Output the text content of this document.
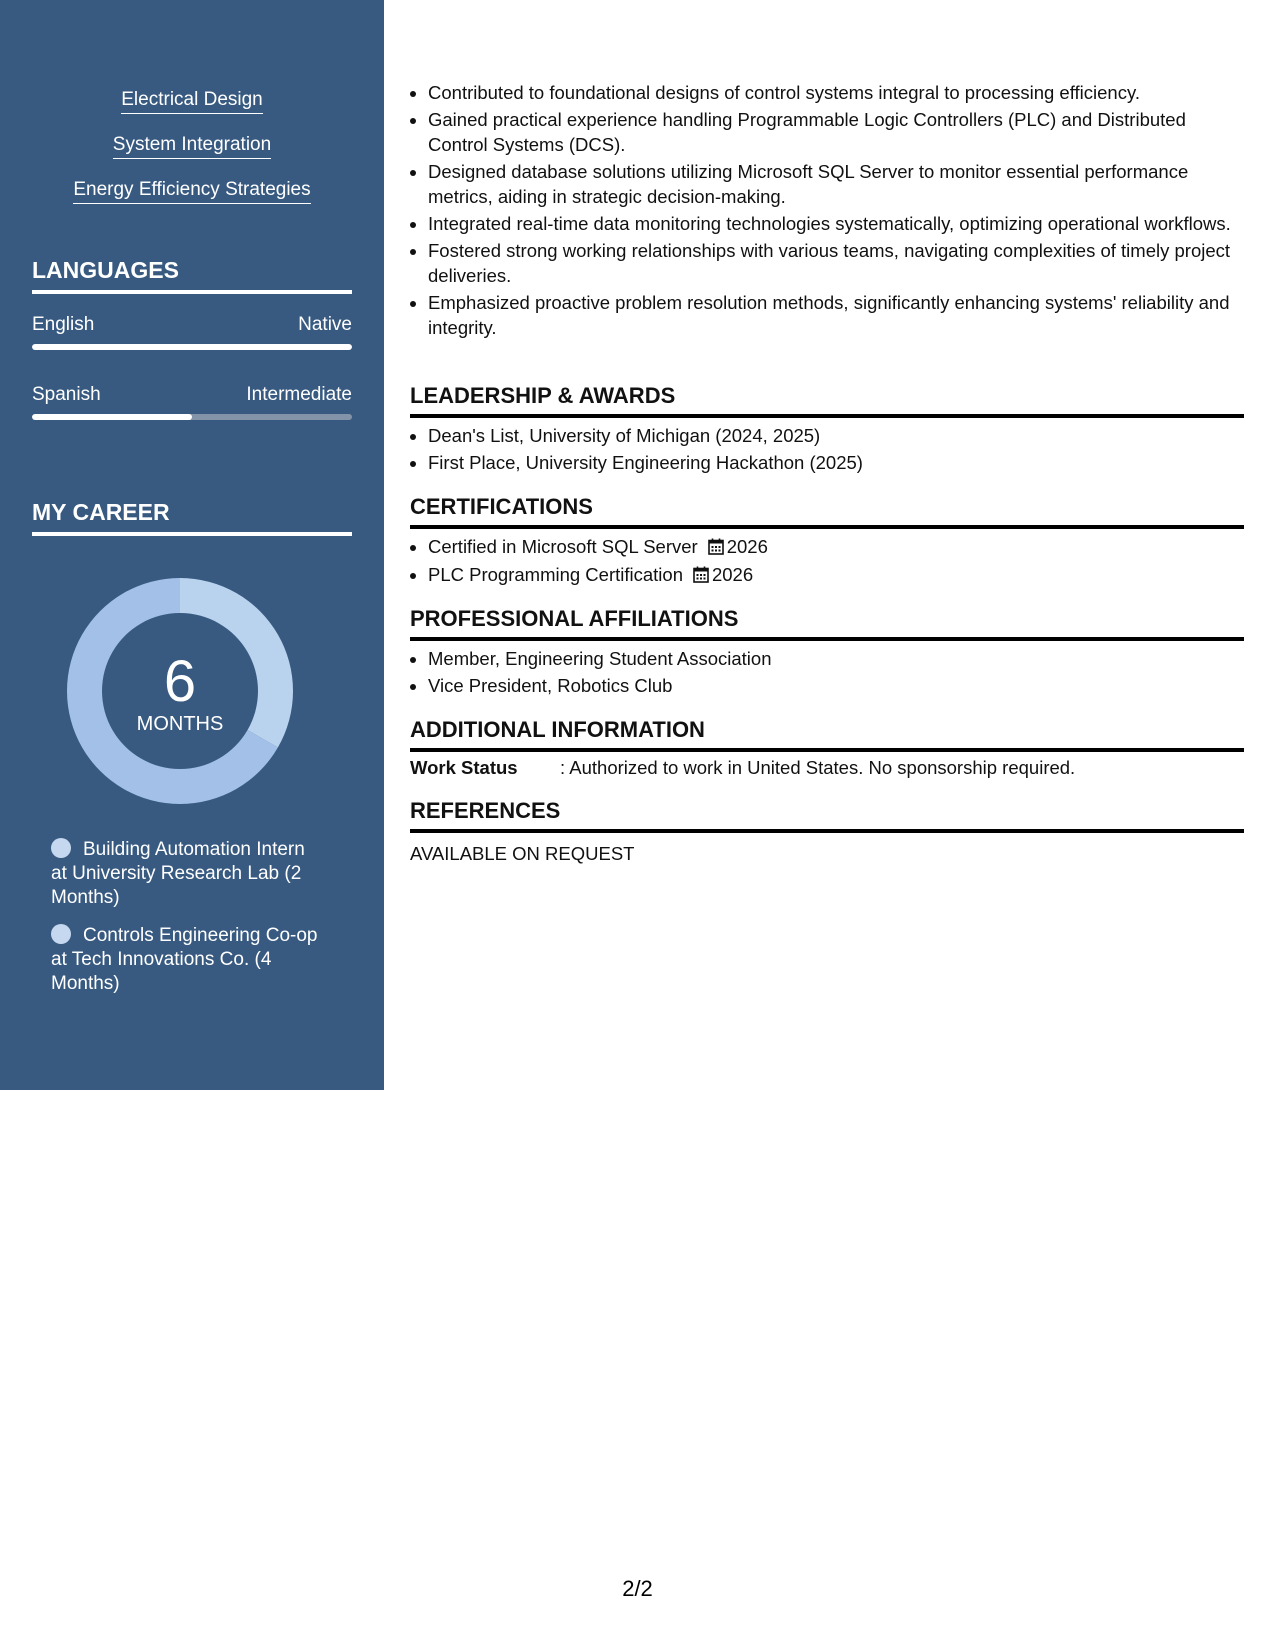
Electrical Design
System Integration
Energy Efficiency Strategies
LANGUAGES
English	Native
Spanish	Intermediate
MY CAREER
6
MONTHS
Building Automation Intern at University Research Lab (2 Months)
Controls Engineering Co-op at Tech Innovations Co. (4 Months)
• Contributed to foundational designs of control systems integral to processing efficiency.
• Gained practical experience handling Programmable Logic Controllers (PLC) and Distributed Control Systems (DCS).
• Designed database solutions utilizing Microsoft SQL Server to monitor essential performance metrics, aiding in strategic decision-making.
• Integrated real-time data monitoring technologies systematically, optimizing operational workflows.
• Fostered strong working relationships with various teams, navigating complexities of timely project deliveries.
• Emphasized proactive problem resolution methods, significantly enhancing systems' reliability and integrity.
LEADERSHIP & AWARDS
• Dean's List, University of Michigan (2024, 2025)
• First Place, University Engineering Hackathon (2025)
CERTIFICATIONS
• Certified in Microsoft SQL Server 2026
• PLC Programming Certification 2026
PROFESSIONAL AFFILIATIONS
• Member, Engineering Student Association
• Vice President, Robotics Club
ADDITIONAL INFORMATION
Work Status : Authorized to work in United States. No sponsorship required.
REFERENCES
AVAILABLE ON REQUEST
2/2
